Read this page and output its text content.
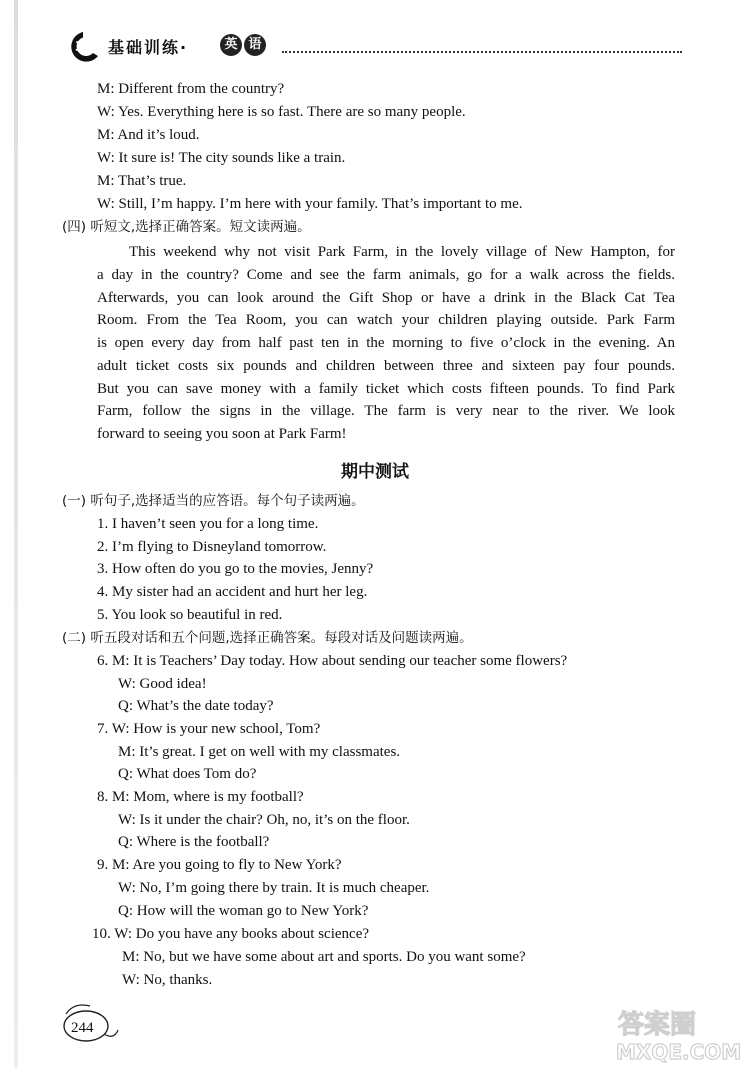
3L 基础训练·	英 语
M: Different from the country?
W: Yes. Everything here is so fast. There are so many people.
M: And it’s loud.
W: It sure is! The city sounds like a train.
M: That’s true.
W: Still, I’m happy. I’m here with your family. That’s important to me.
(四) 听短文,选择正确答案。短文读两遍。
This weekend why not visit Park Farm, in the lovely village of New Hampton, for
a day in the country? Come and see the farm animals, go for a walk across the fields.
Afterwards, you can look around the Gift Shop or have a drink in the Black Cat Tea
Room. From the Tea Room, you can watch your children playing outside. Park Farm
is open every day from half past ten in the morning to five o’clock in the evening. An
adult ticket costs six pounds and children between three and sixteen pay four pounds.
But you can save money with a family ticket which costs fifteen pounds. To find Park
Farm, follow the signs in the village. The farm is very near to the river. We look
forward to seeing you soon at Park Farm!
期中测试
(一) 听句子,选择适当的应答语。每个句子读两遍。
1. I haven’t seen you for a long time.
2. I’m flying to Disneyland tomorrow.
3. How often do you go to the movies, Jenny?
4. My sister had an accident and hurt her leg.
5. You look so beautiful in red.
(二) 听五段对话和五个问题,选择正确答案。每段对话及问题读两遍。
6. M: It is Teachers’ Day today. How about sending our teacher some flowers?
W: Good idea!
Q: What’s the date today?
7. W: How is your new school, Tom?
M: It’s great. I get on well with my classmates.
Q: What does Tom do?
8. M: Mom, where is my football?
W: Is it under the chair? Oh, no, it’s on the floor.
Q: Where is the football?
9. M: Are you going to fly to New York?
W: No, I’m going there by train. It is much cheaper.
Q: How will the woman go to New York?
10. W: Do you have any books about science?
M: No, but we have some about art and sports. Do you want some?
W: No, thanks.
244	答案圈
MXQE.COM
